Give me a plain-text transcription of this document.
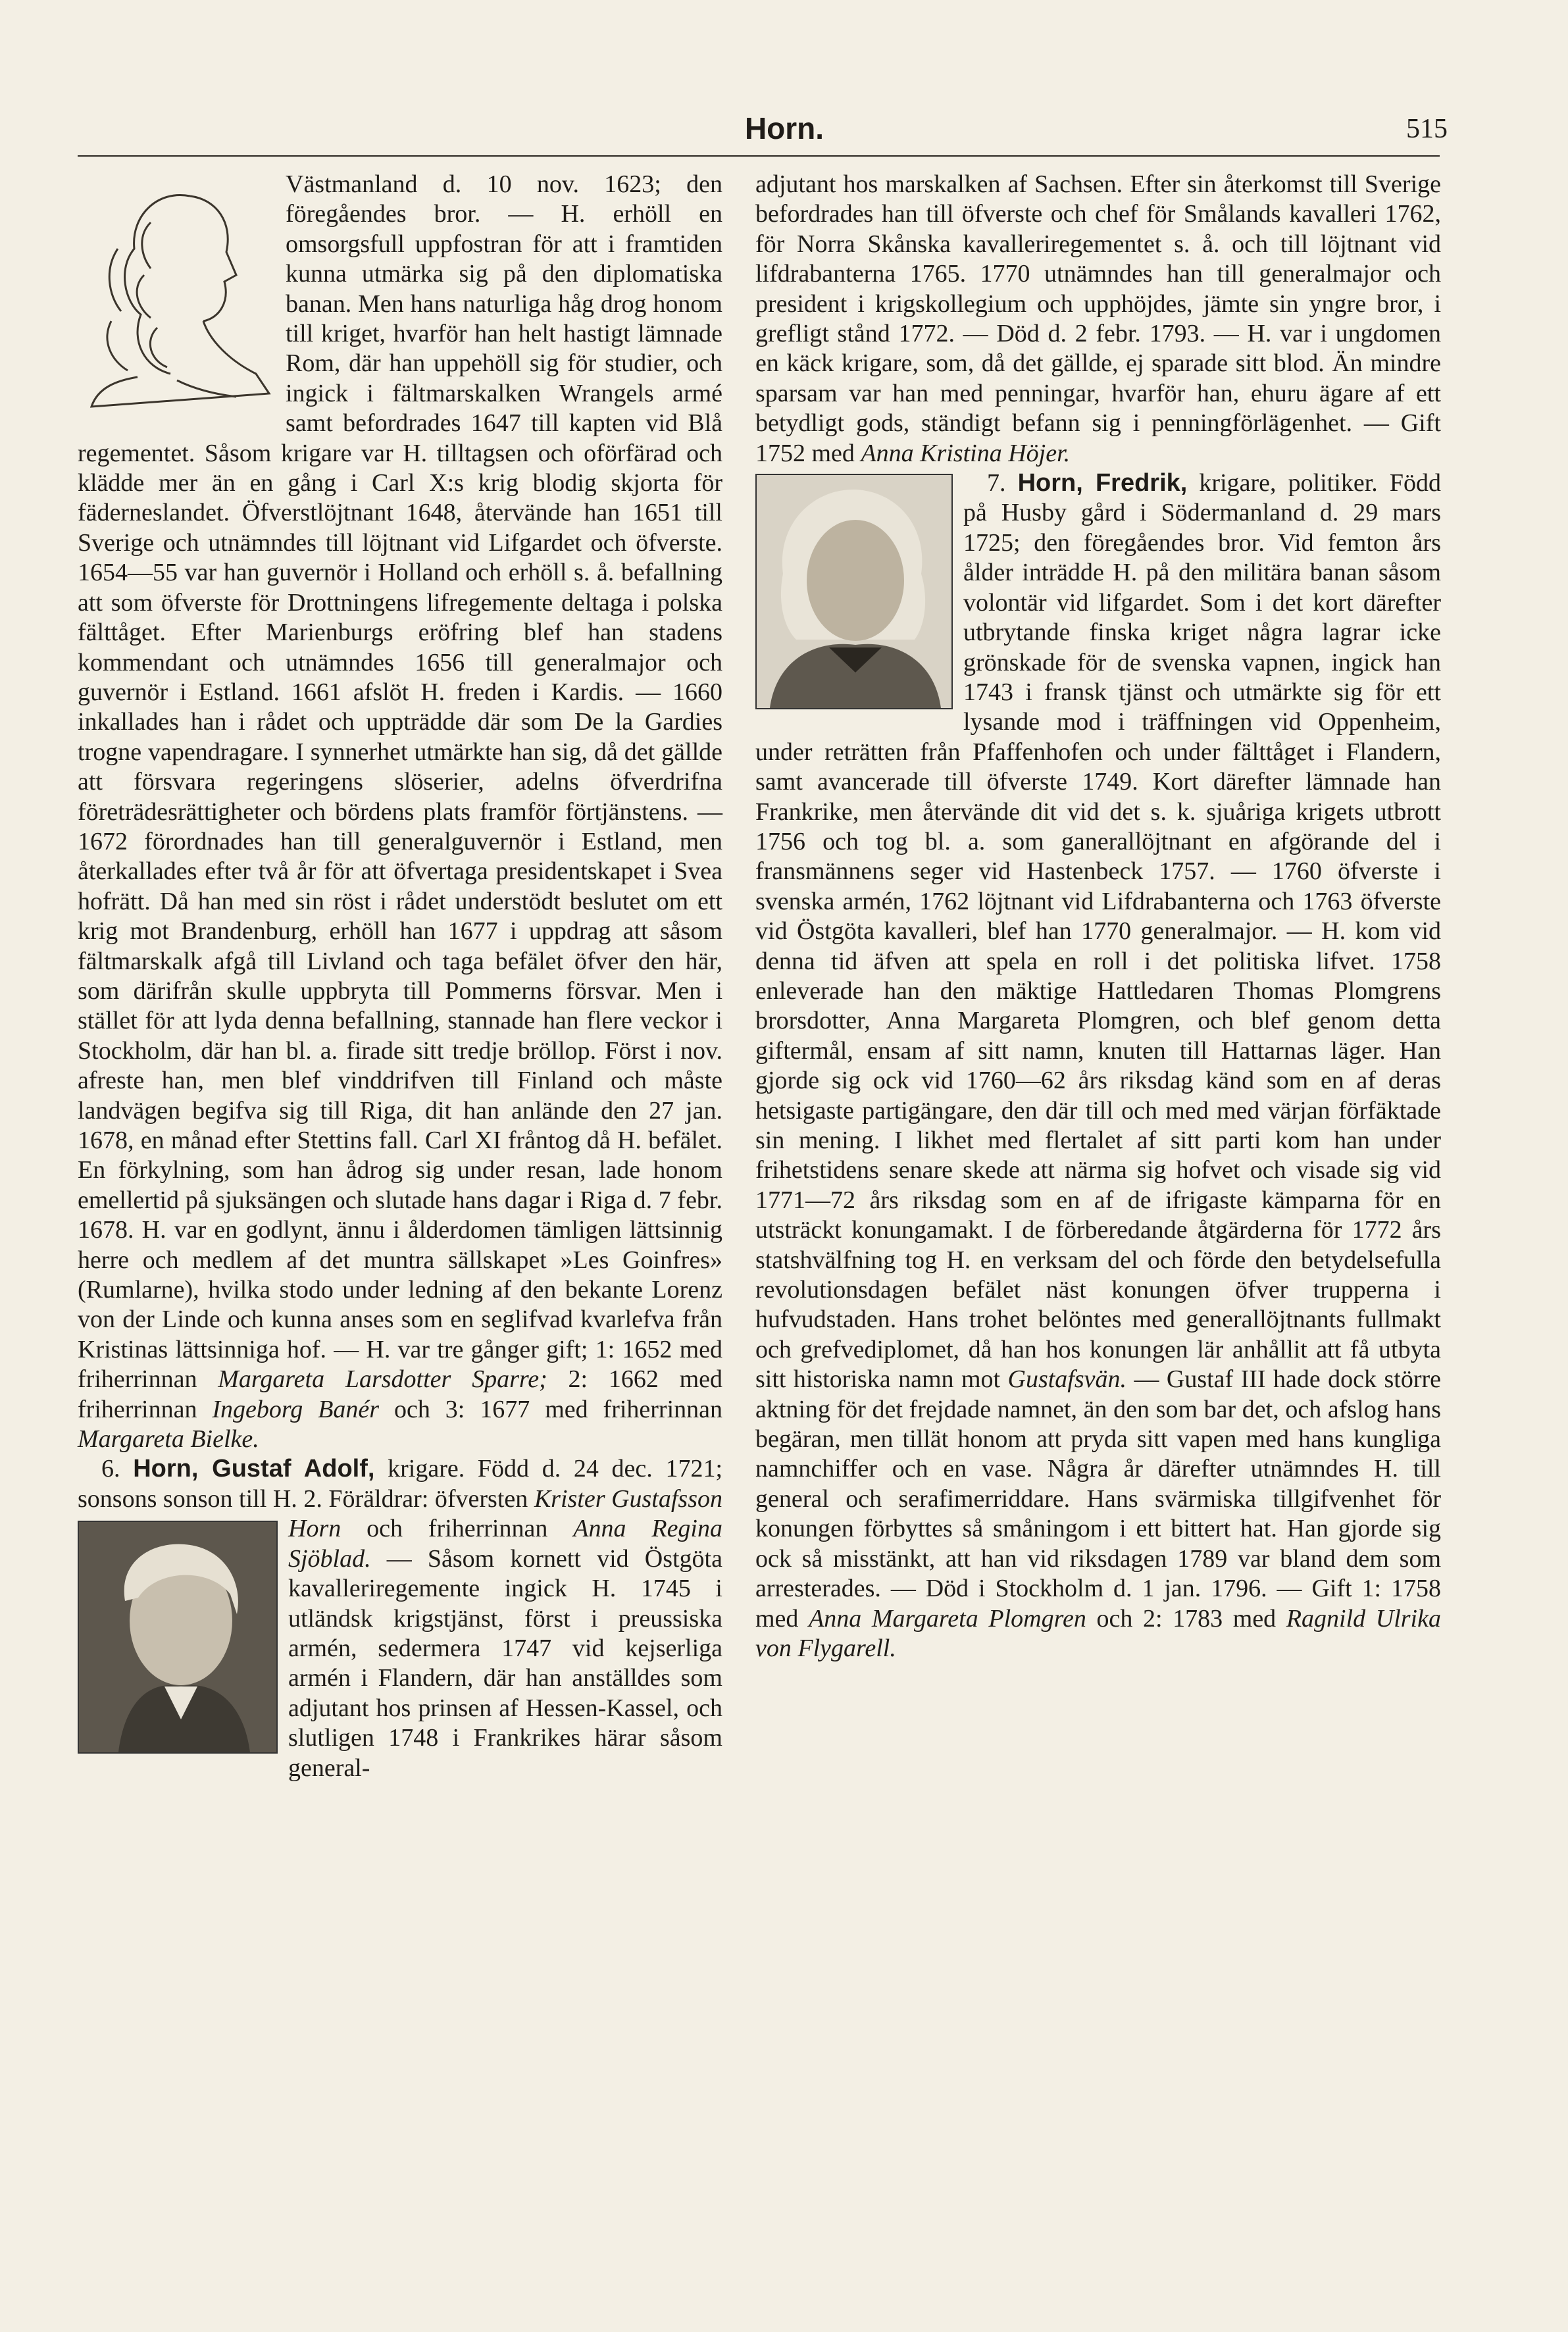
Horn.	515

Västmanland d. 10 nov. 1623; den föregåendes bror. — H. erhöll en omsorgsfull uppfostran för att i framtiden kunna utmärka sig på den diplomatiska banan. Men hans naturliga håg drog honom till kriget, hvarför han helt hastigt lämnade Rom, där han uppehöll sig för studier, och ingick i fältmarskalken Wrangels armé samt befordrades 1647 till kapten vid Blå regementet. Såsom krigare var H. tilltagsen och oförfärad och klädde mer än en gång i Carl X:s krig blodig skjorta för fäderneslandet. Öfverstlöjtnant 1648, återvände han 1651 till Sverige och utnämndes till löjtnant vid Lifgardet och öfverste. 1654—55 var han guvernör i Holland och erhöll s. å. befallning att som öfverste för Drottningens lifregemente deltaga i polska fälttåget. Efter Marienburgs eröfring blef han stadens kommendant och utnämndes 1656 till generalmajor och guvernör i Estland. 1661 afslöt H. freden i Kardis. — 1660 inkallades han i rådet och uppträdde där som De la Gardies trogne vapendragare. I synnerhet utmärkte han sig, då det gällde att försvara regeringens slöserier, adelns öfverdrifna företrädesrättigheter och bördens plats framför förtjänstens. — 1672 förordnades han till generalguvernör i Estland, men återkallades efter två år för att öfvertaga presidentskapet i Svea hofrätt. Då han med sin röst i rådet understödt beslutet om ett krig mot Brandenburg, erhöll han 1677 i uppdrag att såsom fältmarskalk afgå till Livland och taga befälet öfver den här, som därifrån skulle uppbryta till Pommerns försvar. Men i stället för att lyda denna befallning, stannade han flere veckor i Stockholm, där han bl. a. firade sitt tredje bröllop. Först i nov. afreste han, men blef vinddrifven till Finland och måste landvägen begifva sig till Riga, dit han anlände den 27 jan. 1678, en månad efter Stettins fall. Carl XI fråntog då H. befälet. En förkylning, som han ådrog sig under resan, lade honom emellertid på sjuksängen och slutade hans dagar i Riga d. 7 febr. 1678. H. var en godlynt, ännu i ålderdomen tämligen lättsinnig herre och medlem af det muntra sällskapet »Les Goinfres» (Rumlarne), hvilka stodo under ledning af den bekante Lorenz von der Linde och kunna anses som en seglifvad kvarlefva från Kristinas lättsinniga hof. — H. var tre gånger gift; 1: 1652 med friherrinnan Margareta Larsdotter Sparre; 2: 1662 med friherrinnan Ingeborg Banér och 3: 1677 med friherrinnan Margareta Bielke.

6. Horn, Gustaf Adolf, krigare. Född d. 24 dec. 1721; sonsons sonson till H. 2. Föräldrar: öfversten
Krister Gustafsson Horn och friherrinnan Anna Regina Sjöblad. — Såsom kornett vid Östgöta kavalleriregemente ingick H. 1745 i utländsk krigstjänst, först i preussiska armén, sedermera 1747 vid kejserliga armén i Flandern, där han anställdes som adjutant hos prinsen af Hessen-Kassel, och slutligen 1748 i Frankrikes härar såsom general-

adjutant hos marskalken af Sachsen. Efter sin återkomst till Sverige befordrades han till öfverste och chef för Smålands kavalleri 1762, för Norra Skånska kavalleriregementet s. å. och till löjtnant vid lifdrabanterna 1765. 1770 utnämndes han till generalmajor och president i krigskollegium och upphöjdes, jämte sin yngre bror, i grefligt stånd 1772. — Död d. 2 febr. 1793. — H. var i ungdomen en käck krigare, som, då det gällde, ej sparade sitt blod. Än mindre sparsam var han med penningar, hvarför han, ehuru ägare af ett betydligt gods, ständigt befann sig i penningförlägenhet. — Gift 1752 med Anna Kristina Höjer.

7. Horn, Fredrik,
krigare, politiker. Född på Husby gård i Södermanland d. 29 mars 1725; den föregåendes bror. Vid femton års ålder inträdde H. på den militära banan såsom volontär vid lifgardet. Som i det kort därefter utbrytande finska kriget några lagrar icke grönskade för de svenska vapnen, ingick han 1743 i fransk tjänst och utmärkte sig för ett lysande mod i träffningen vid Oppenheim, under reträtten från Pfaffenhofen och under fälttåget i Flandern, samt avancerade till öfverste 1749. Kort därefter lämnade han Frankrike, men återvände dit vid det s. k. sjuåriga krigets utbrott 1756 och tog bl. a. som ganerallöjtnant en afgörande del i fransmännens seger vid Hastenbeck 1757. — 1760 öfverste i svenska armén, 1762 löjtnant vid Lifdrabanterna och 1763 öfverste vid Östgöta kavalleri, blef han 1770 generalmajor. — H. kom vid denna tid äfven att spela en roll i det politiska lifvet. 1758 enleverade han den mäktige Hattledaren Thomas Plomgrens brorsdotter, Anna Margareta Plomgren, och blef genom detta giftermål, ensam af sitt namn, knuten till Hattarnas läger. Han gjorde sig ock vid 1760—62 års riksdag känd som en af deras hetsigaste partigängare, den där till och med med värjan förfäktade sin mening. I likhet med flertalet af sitt parti kom han under frihetstidens senare skede att närma sig hofvet och visade sig vid 1771—72 års riksdag som en af de ifrigaste kämparna för en utsträckt konungamakt. I de förberedande åtgärderna för 1772 års statshvälfning tog H. en verksam del och förde den betydelsefulla revolutionsdagen befälet näst konungen öfver trupperna i hufvudstaden. Hans trohet belöntes med generallöjtnants fullmakt och grefvediplomet, då han hos konungen lär anhållit att få utbyta sitt historiska namn mot Gustafsvän. — Gustaf III hade dock större aktning för det frejdade namnet, än den som bar det, och afslog hans begäran, men tillät honom att pryda sitt vapen med hans kungliga namnchiffer och en vase. Några år därefter utnämndes H. till general och serafimerriddare. Hans svärmiska tillgifvenhet för konungen förbyttes så småningom i ett bittert hat. Han gjorde sig ock så misstänkt, att han vid riksdagen 1789 var bland dem som arresterades. — Död i Stockholm d. 1 jan. 1796. — Gift 1: 1758 med Anna Margareta Plomgren och 2: 1783 med Ragnild Ulrika von Flygarell.
